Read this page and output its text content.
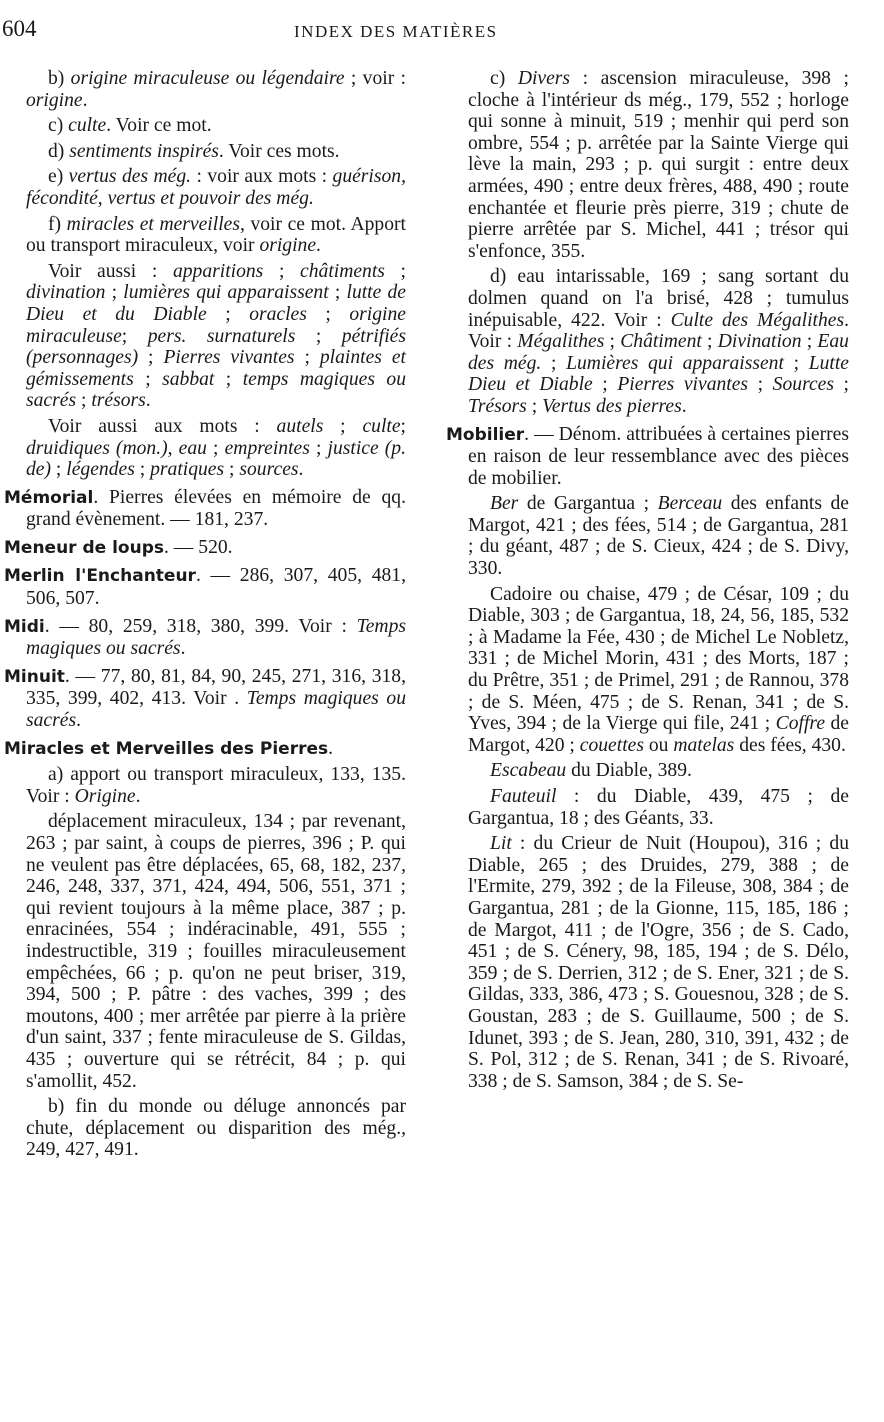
604	INDEX DES MATIÈRES

b) origine miraculeuse ou légendaire ; voir : origine.

c) culte. Voir ce mot.

d) sentiments inspirés. Voir ces mots.

e) vertus des még. : voir aux mots : guérison, fécondité, vertus et pouvoir des még.

f) miracles et merveilles, voir ce mot. Apport ou transport miraculeux, voir origine.

Voir aussi : apparitions ; châtiments ; divination ; lumières qui apparaissent ; lutte de Dieu et du Diable ; oracles ; origine miraculeuse; pers. surnaturels ; pétrifiés (personnages) ; Pierres vivantes ; plaintes et gémissements ; sabbat ; temps magiques ou sacrés ; trésors.

Voir aussi aux mots : autels ; culte; druidiques (mon.), eau ; empreintes ; justice (p. de) ; légendes ; pratiques ; sources.

Mémorial. Pierres élevées en mémoire de qq. grand évènement. — 181, 237.

Meneur de loups. — 520.

Merlin l'Enchanteur. — 286, 307, 405, 481, 506, 507.

Midi. — 80, 259, 318, 380, 399. Voir : Temps magiques ou sacrés.

Minuit. — 77, 80, 81, 84, 90, 245, 271, 316, 318, 335, 399, 402, 413. Voir . Temps magiques ou sacrés.

Miracles et Merveilles des Pierres.

a) apport ou transport miraculeux, 133, 135. Voir : Origine.

déplacement miraculeux, 134 ; par revenant, 263 ; par saint, à coups de pierres, 396 ; P. qui ne veulent pas être déplacées, 65, 68, 182, 237, 246, 248, 337, 371, 424, 494, 506, 551, 371 ; qui revient toujours à la même place, 387 ; p. enracinées, 554 ; indéracinable, 491, 555 ; indestructible, 319 ; fouilles miraculeusement empêchées, 66 ; p. qu'on ne peut briser, 319, 394, 500 ; P. pâtre : des vaches, 399 ; des moutons, 400 ; mer arrêtée par pierre à la prière d'un saint, 337 ; fente miraculeuse de S. Gildas, 435 ; ouverture qui se rétrécit, 84 ; p. qui s'amollit, 452.

b) fin du monde ou déluge annoncés par chute, déplacement ou disparition des még., 249, 427, 491.

c) Divers : ascension miraculeuse, 398 ; cloche à l'intérieur ds még., 179, 552 ; horloge qui sonne à minuit, 519 ; menhir qui perd son ombre, 554 ; p. arrêtée par la Sainte Vierge qui lève la main, 293 ; p. qui surgit : entre deux armées, 490 ; entre deux frères, 488, 490 ; route enchantée et fleurie près pierre, 319 ; chute de pierre arrêtée par S. Michel, 441 ; trésor qui s'enfonce, 355.

d) eau intarissable, 169 ; sang sortant du dolmen quand on l'a brisé, 428 ; tumulus inépuisable, 422. Voir : Culte des Mégalithes. Voir : Mégalithes ; Châtiment ; Divination ; Eau des még. ; Lumières qui apparaissent ; Lutte Dieu et Diable ; Pierres vivantes ; Sources ; Trésors ; Vertus des pierres.

Mobilier. — Dénom. attribuées à certaines pierres en raison de leur ressemblance avec des pièces de mobilier.

Ber de Gargantua ; Berceau des enfants de Margot, 421 ; des fées, 514 ; de Gargantua, 281 ; du géant, 487 ; de S. Cieux, 424 ; de S. Divy, 330.

Cadoire ou chaise, 479 ; de César, 109 ; du Diable, 303 ; de Gargantua, 18, 24, 56, 185, 532 ; à Madame la Fée, 430 ; de Michel Le Nobletz, 331 ; de Michel Morin, 431 ; des Morts, 187 ; du Prêtre, 351 ; de Primel, 291 ; de Rannou, 378 ; de S. Méen, 475 ; de S. Renan, 341 ; de S. Yves, 394 ; de la Vierge qui file, 241 ; Coffre de Margot, 420 ; couettes ou matelas des fées, 430.

Escabeau du Diable, 389.

Fauteuil : du Diable, 439, 475 ; de Gargantua, 18 ; des Géants, 33.

Lit : du Crieur de Nuit (Houpou), 316 ; du Diable, 265 ; des Druides, 279, 388 ; de l'Ermite, 279, 392 ; de la Fileuse, 308, 384 ; de Gargantua, 281 ; de la Gionne, 115, 185, 186 ; de Margot, 411 ; de l'Ogre, 356 ; de S. Cado, 451 ; de S. Cénery, 98, 185, 194 ; de S. Délo, 359 ; de S. Derrien, 312 ; de S. Ener, 321 ; de S. Gildas, 333, 386, 473 ; S. Gouesnou, 328 ; de S. Goustan, 283 ; de S. Guillaume, 500 ; de S. Idunet, 393 ; de S. Jean, 280, 310, 391, 432 ; de S. Pol, 312 ; de S. Renan, 341 ; de S. Rivoaré, 338 ; de S. Samson, 384 ; de S. Se-
